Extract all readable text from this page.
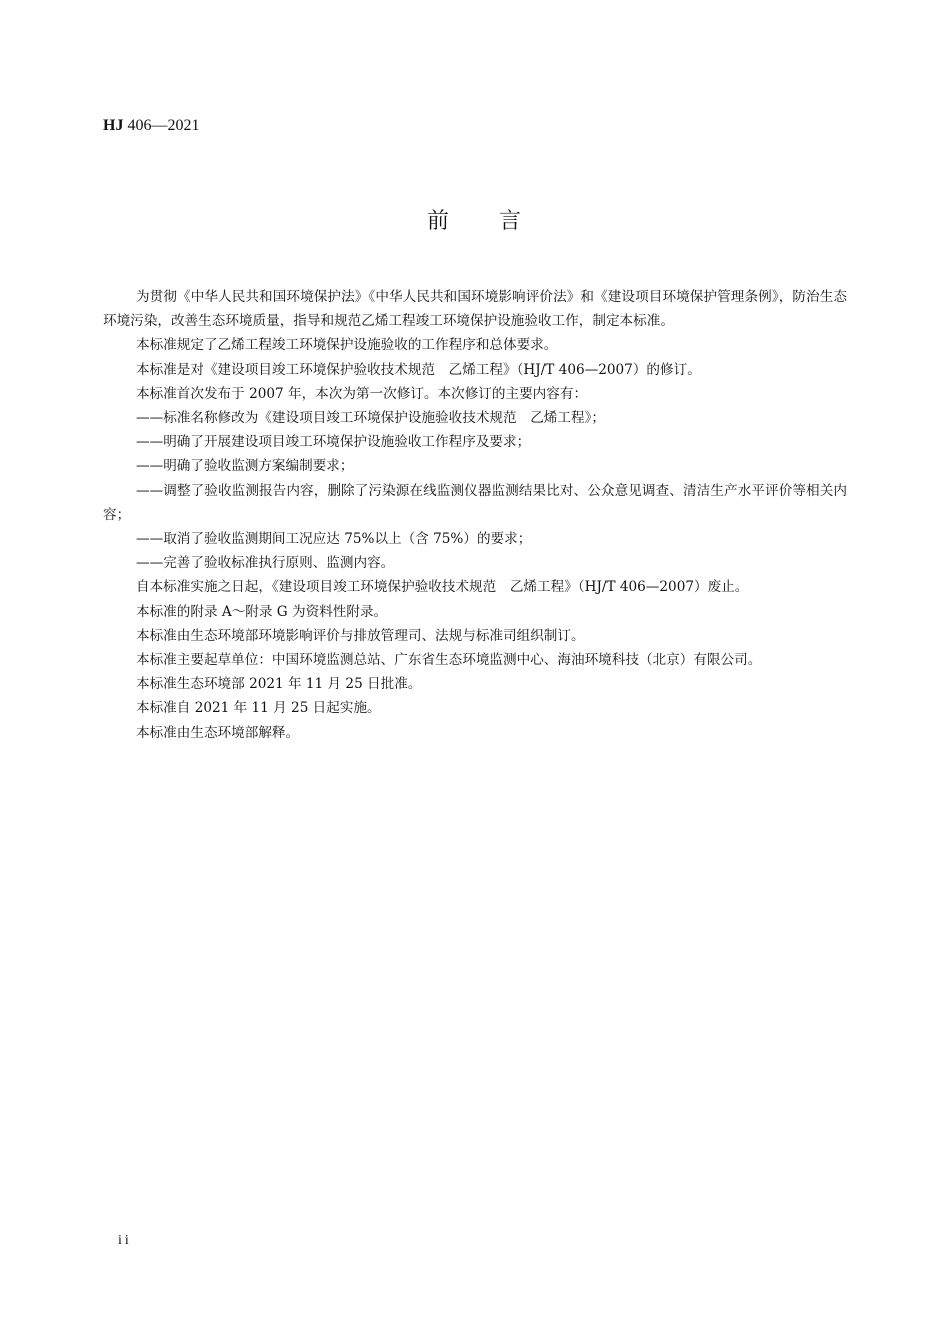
HJ 406—2021
前　　言

为贯彻《中华人民共和国环境保护法》《中华人民共和国环境影响评价法》和《建设项目环境保护管理条例》，防治生态环境污染，改善生态环境质量，指导和规范乙烯工程竣工环境保护设施验收工作，制定本标准。

本标准规定了乙烯工程竣工环境保护设施验收的工作程序和总体要求。

本标准是对《建设项目竣工环境保护验收技术规范　乙烯工程》（HJ/T 406—2007）的修订。

本标准首次发布于 2007 年，本次为第一次修订。本次修订的主要内容有：

——标准名称修改为《建设项目竣工环境保护设施验收技术规范　乙烯工程》；

——明确了开展建设项目竣工环境保护设施验收工作程序及要求；

——明确了验收监测方案编制要求；

——调整了验收监测报告内容，删除了污染源在线监测仪器监测结果比对、公众意见调查、清洁生产水平评价等相关内容；

——取消了验收监测期间工况应达 75%以上（含 75%）的要求；

——完善了验收标准执行原则、监测内容。

自本标准实施之日起，《建设项目竣工环境保护验收技术规范　乙烯工程》（HJ/T 406—2007）废止。

本标准的附录 A～附录 G 为资料性附录。

本标准由生态环境部环境影响评价与排放管理司、法规与标准司组织制订。

本标准主要起草单位：中国环境监测总站、广东省生态环境监测中心、海油环境科技（北京）有限公司。

本标准生态环境部 2021 年 11 月 25 日批准。

本标准自 2021 年 11 月 25 日起实施。

本标准由生态环境部解释。

ii
